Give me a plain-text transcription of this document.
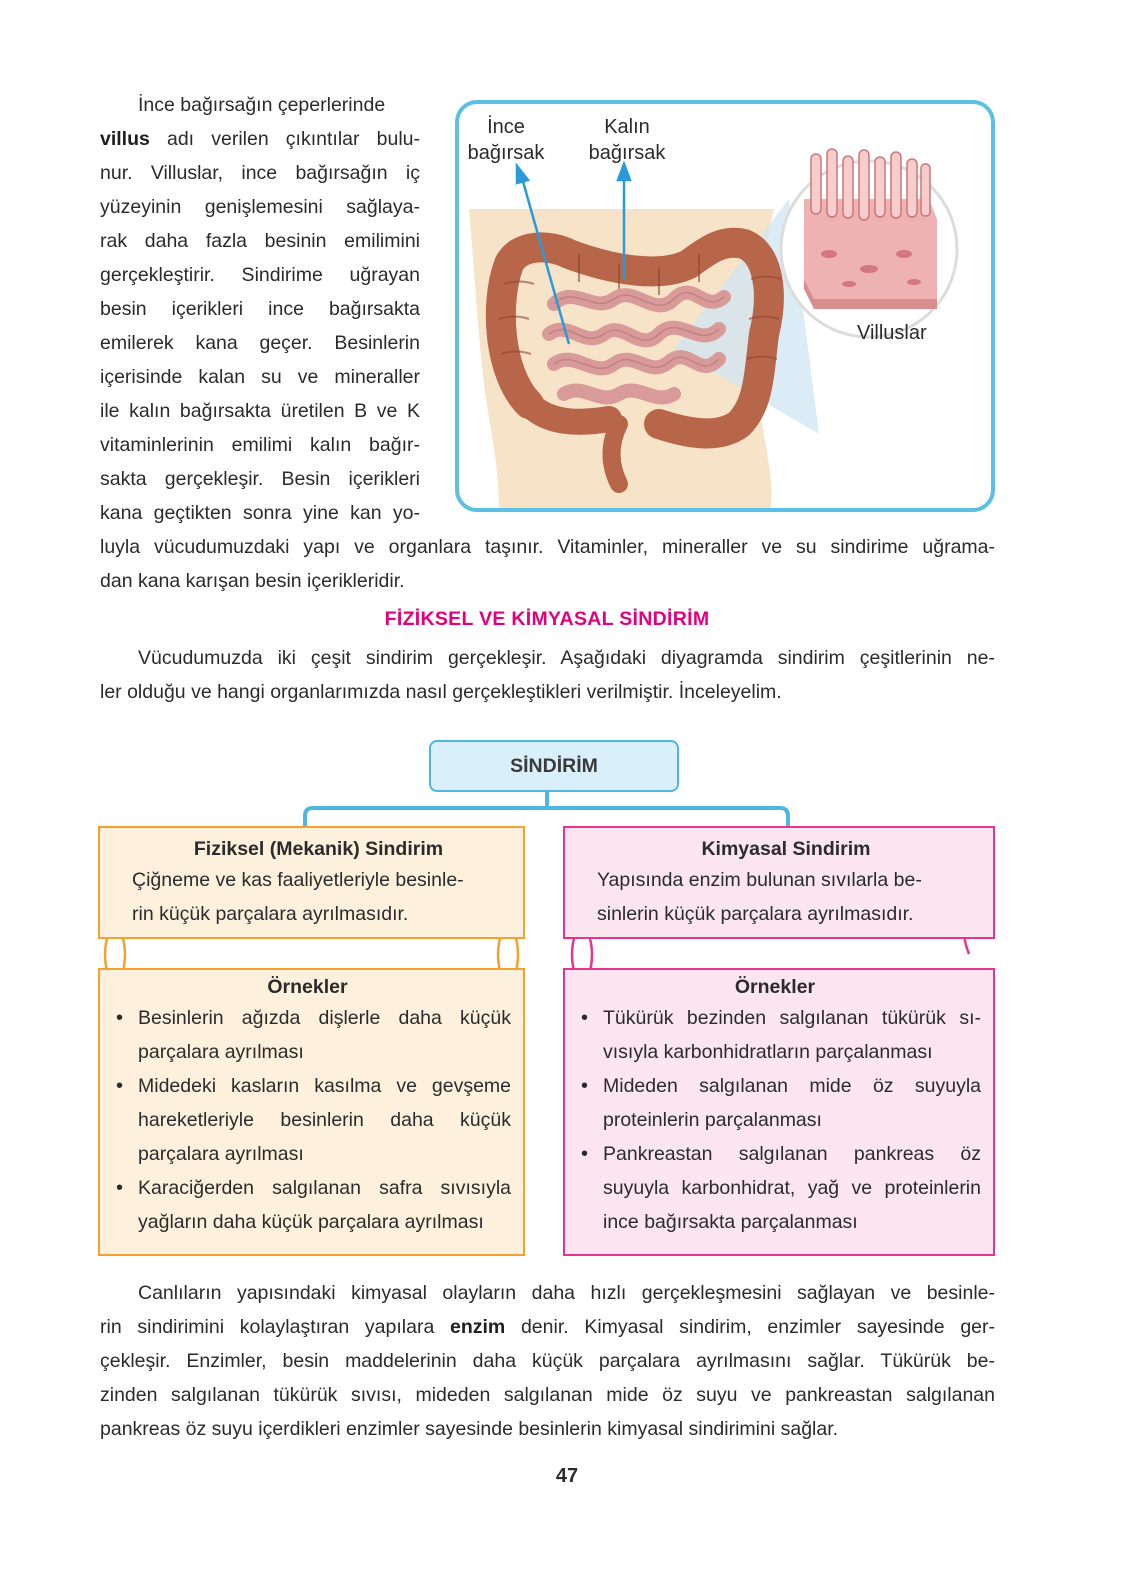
İnce bağırsağın çeperlerinde
villus adı verilen çıkıntılar bulu-
nur. Villuslar, ince bağırsağın iç
yüzeyinin genişlemesini sağlaya-
rak daha fazla besinin emilimini
gerçekleştirir. Sindirime uğrayan
besin içerikleri ince bağırsakta
emilerek kana geçer. Besinlerin
içerisinde kalan su ve mineraller
ile kalın bağırsakta üretilen B ve K
vitaminlerinin emilimi kalın bağır-
sakta gerçekleşir. Besin içerikleri
kana geçtikten sonra yine kan yo-
luyla vücudumuzdaki yapı ve organlara taşınır. Vitaminler, mineraller ve su sindirime uğrama-
dan kana karışan besin içerikleridir.
İnce
bağırsak
Kalın
bağırsak
Villuslar
FİZİKSEL VE KİMYASAL SİNDİRİM
Vücudumuzda iki çeşit sindirim gerçekleşir. Aşağıdaki diyagramda sindirim çeşitlerinin ne-
ler olduğu ve hangi organlarımızda nasıl gerçekleştikleri verilmiştir. İnceleyelim.
SİNDİRİM
Fiziksel (Mekanik) Sindirim
Çiğneme ve kas faaliyetleriyle besinle-
rin küçük parçalara ayrılmasıdır.
Örnekler
• Besinlerin ağızda dişlerle daha küçük
parçalara ayrılması
• Midedeki kasların kasılma ve gevşeme
hareketleriyle besinlerin daha küçük
parçalara ayrılması
• Karaciğerden salgılanan safra sıvısıyla
yağların daha küçük parçalara ayrılması
Kimyasal Sindirim
Yapısında enzim bulunan sıvılarla be-
sinlerin küçük parçalara ayrılmasıdır.
Örnekler
• Tükürük bezinden salgılanan tükürük sı-
vısıyla karbonhidratların parçalanması
• Mideden salgılanan mide öz suyuyla
proteinlerin parçalanması
• Pankreastan salgılanan pankreas öz
suyuyla karbonhidrat, yağ ve proteinlerin
ince bağırsakta parçalanması
Canlıların yapısındaki kimyasal olayların daha hızlı gerçekleşmesini sağlayan ve besinle-
rin sindirimini kolaylaştıran yapılara enzim denir. Kimyasal sindirim, enzimler sayesinde ger-
çekleşir. Enzimler, besin maddelerinin daha küçük parçalara ayrılmasını sağlar. Tükürük be-
zinden salgılanan tükürük sıvısı, mideden salgılanan mide öz suyu ve pankreastan salgılanan
pankreas öz suyu içerdikleri enzimler sayesinde besinlerin kimyasal sindirimini sağlar.
47
